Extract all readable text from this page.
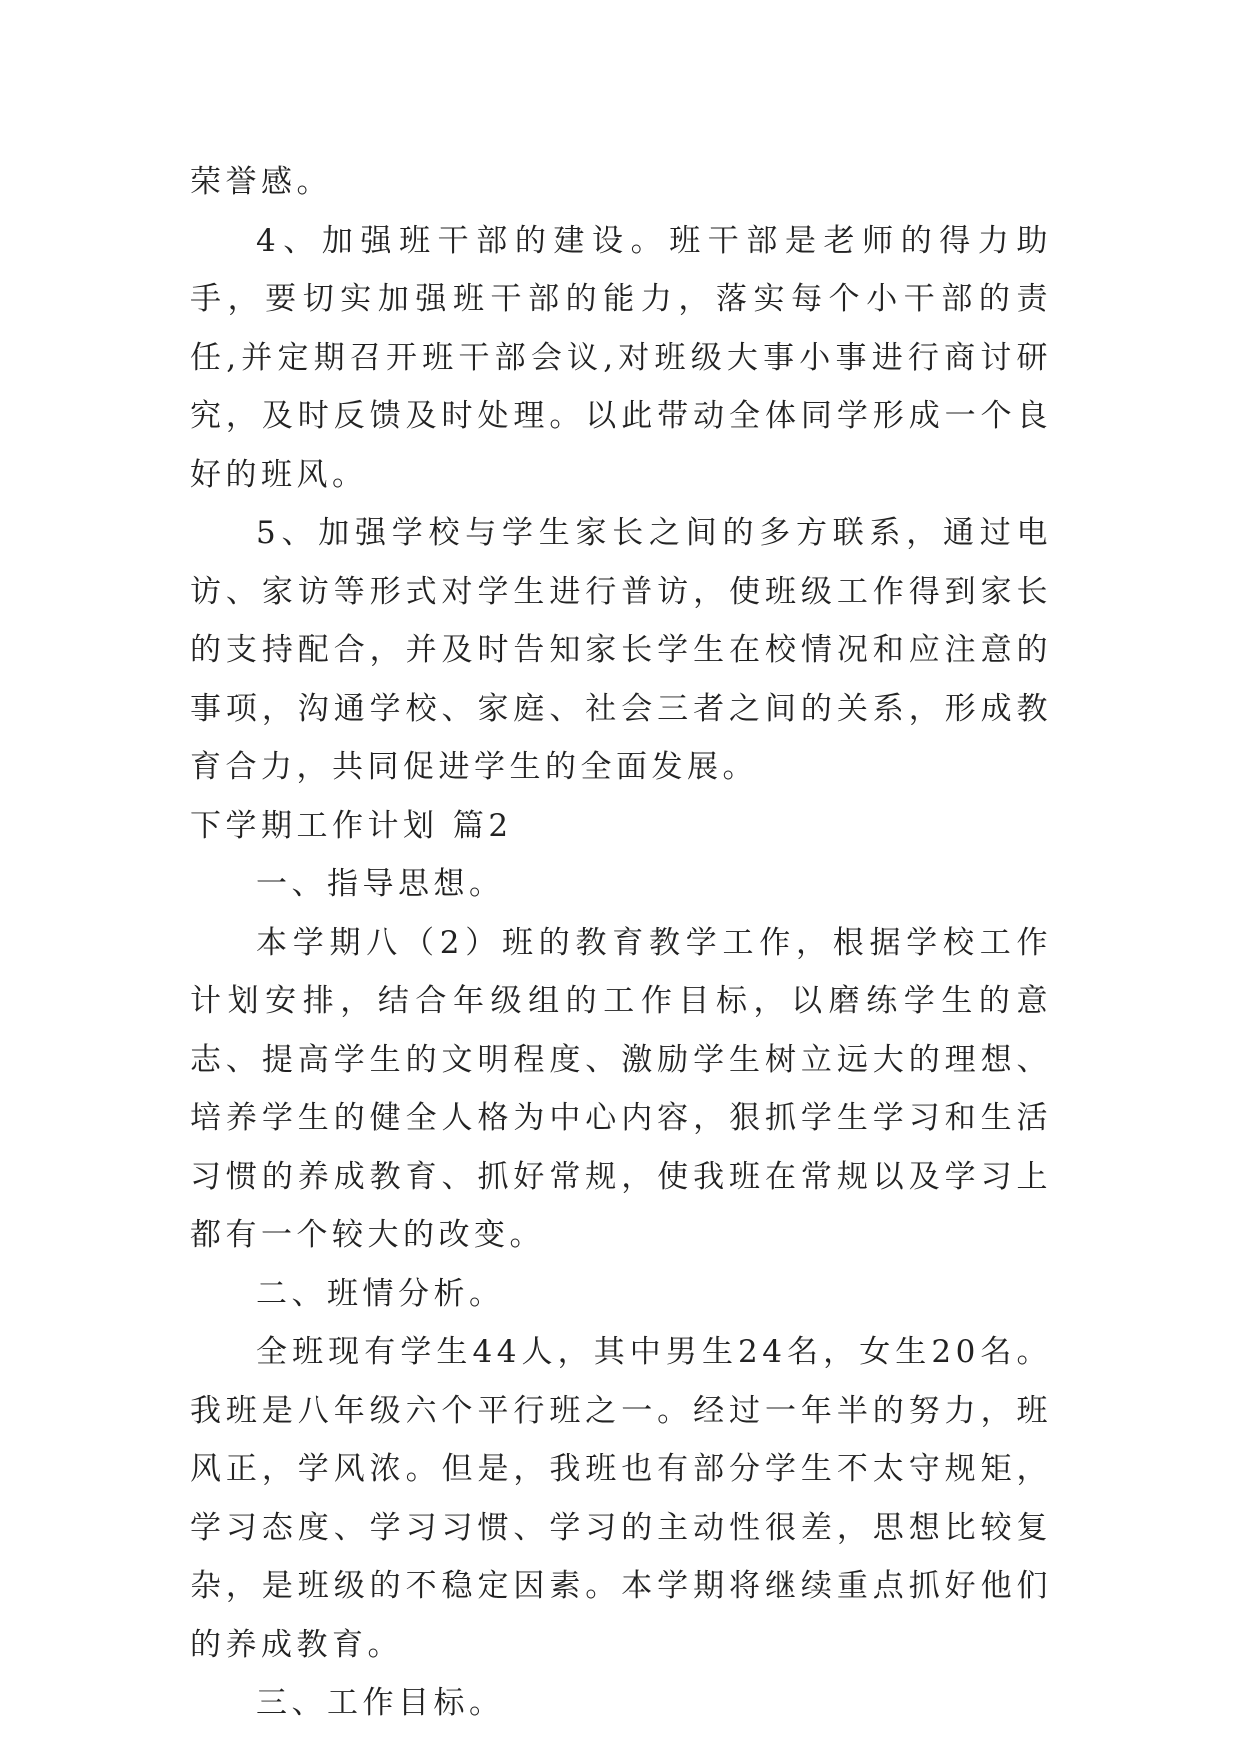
荣誉感。

4、加强班干部的建设。班干部是老师的得力助手，要切实加强班干部的能力，落实每个小干部的责任,并定期召开班干部会议,对班级大事小事进行商讨研究，及时反馈及时处理。以此带动全体同学形成一个良好的班风。

5、加强学校与学生家长之间的多方联系，通过电访、家访等形式对学生进行普访，使班级工作得到家长的支持配合，并及时告知家长学生在校情况和应注意的事项，沟通学校、家庭、社会三者之间的关系，形成教育合力，共同促进学生的全面发展。

下学期工作计划 篇2

一、指导思想。

本学期八（2）班的教育教学工作，根据学校工作计划安排，结合年级组的工作目标，以磨练学生的意志、提高学生的文明程度、激励学生树立远大的理想、培养学生的健全人格为中心内容，狠抓学生学习和生活习惯的养成教育、抓好常规，使我班在常规以及学习上都有一个较大的改变。

二、班情分析。

全班现有学生44人，其中男生24名，女生20名。我班是八年级六个平行班之一。经过一年半的努力，班风正，学风浓。但是，我班也有部分学生不太守规矩，学习态度、学习习惯、学习的主动性很差，思想比较复杂，是班级的不稳定因素。本学期将继续重点抓好他们的养成教育。

三、工作目标。
